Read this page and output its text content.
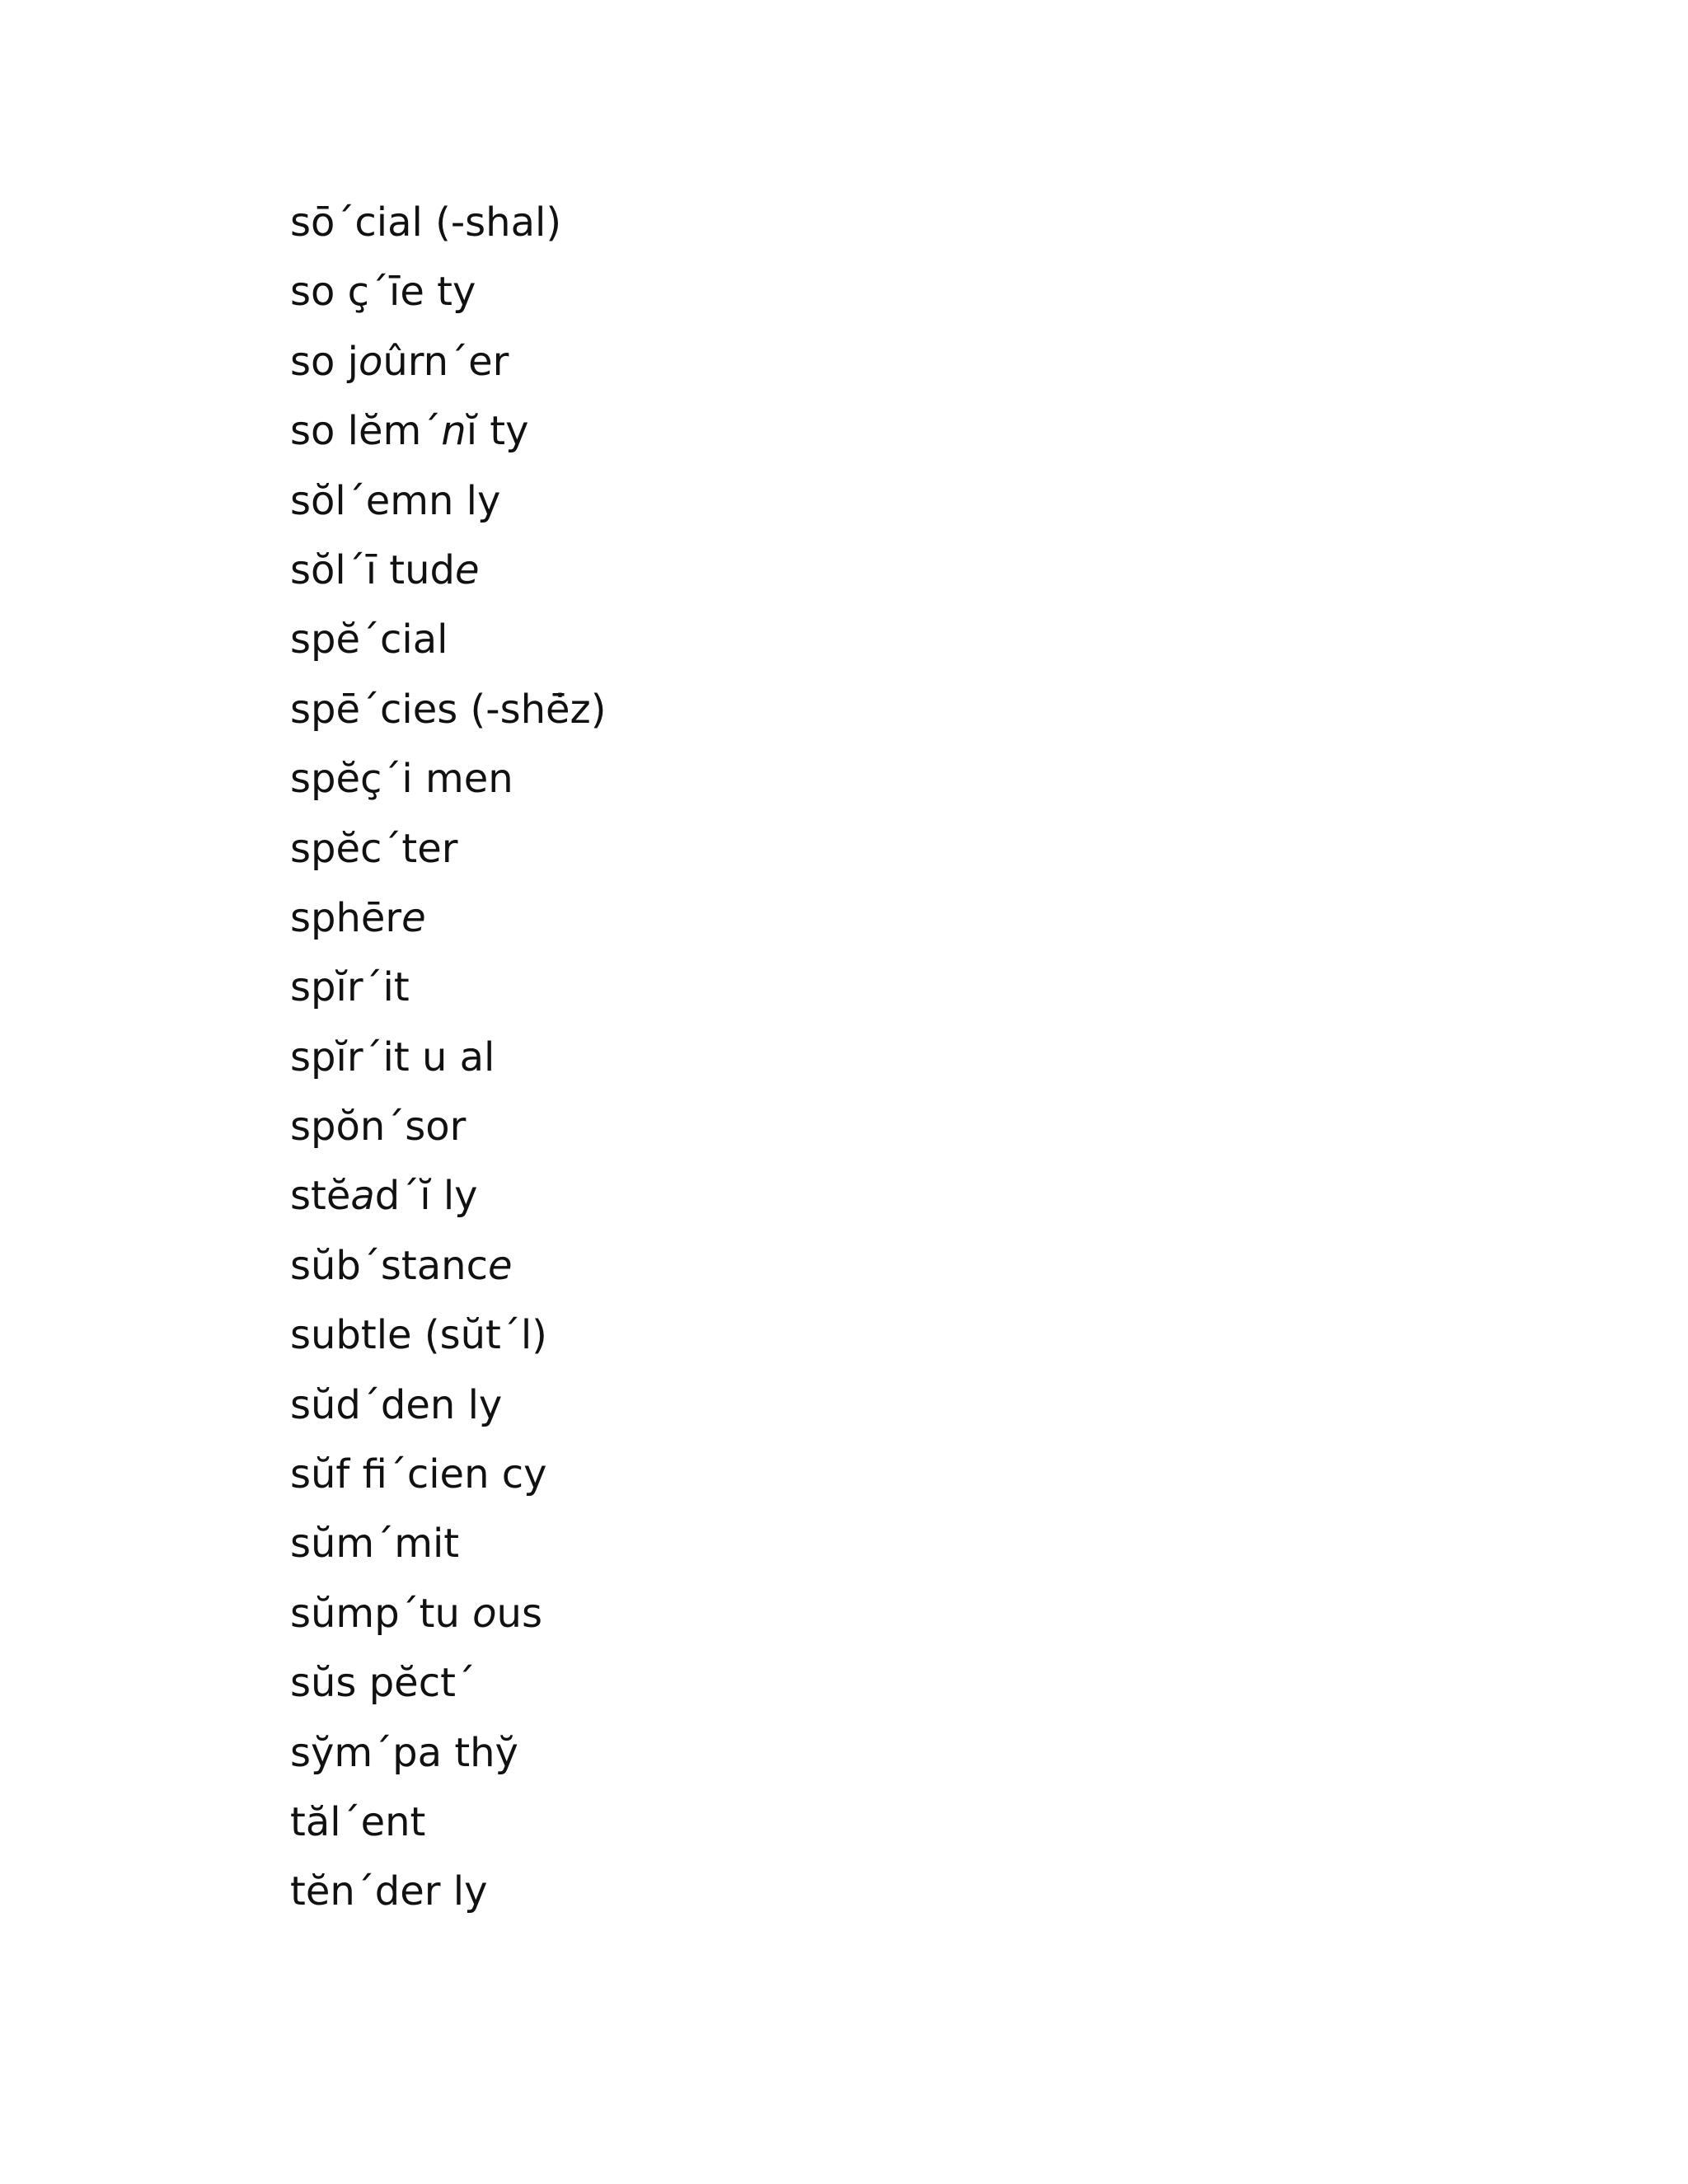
sō´cial (-shal)
so ç´īe ty
so joûrn´er
so lĕm´nĭ ty
sŏl´emn ly
sŏl´ī tude
spĕ´cial
spē´cies (-shē̇z)
spĕç´i men
spĕc´ter
sphēre
spĭr´it
spĭr´it u al
spŏn´sor
stĕad´ĭ ly
sŭb´stance
subtle (sŭt´l)
sŭd´den ly
sŭf fi´cien cy
sŭm´mit
sŭmp´tu ous
sŭs pĕct´
sy̆m´pa thy̆
tăl´ent
tĕn´der ly
